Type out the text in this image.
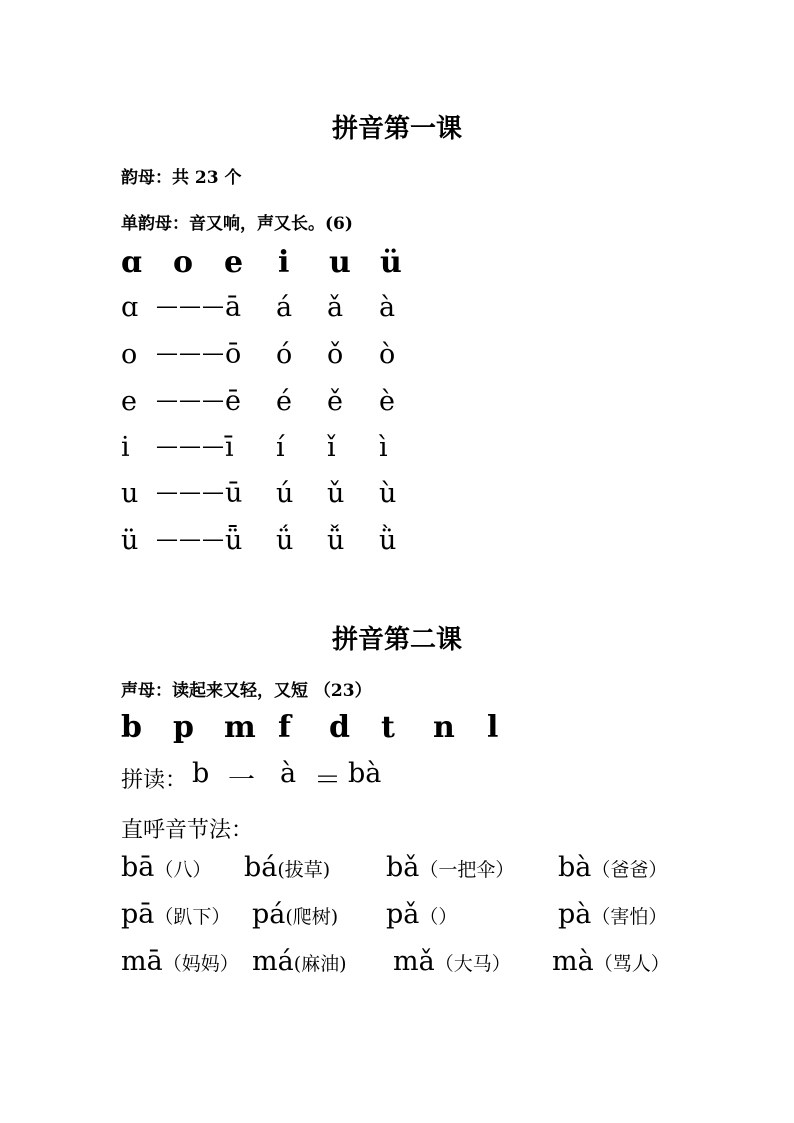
拼音第一课
韵母：共 23 个
单韵母：音又响，声又长。(6)
ɑ o e i u ü
ɑ ——— ā á ǎ à
o ——— ō ó ǒ ò
e ——— ē é ě è
i ——— ī í ǐ ì
u ——— ū ú ǔ ù
ü ——— ǖ ǘ ǚ ǜ
拼音第二课
声母：读起来又轻，又短 （23）
b p m f d t n l
拼读： b 一 à ＝ bà
直呼音节法：
bā（八） bá(拔草) bǎ（一把伞） bà（爸爸）
pā（趴下） pá(爬树) pǎ（）	pà（害怕）
mā（妈妈） má(麻油) mǎ（大马） mà（骂人）
